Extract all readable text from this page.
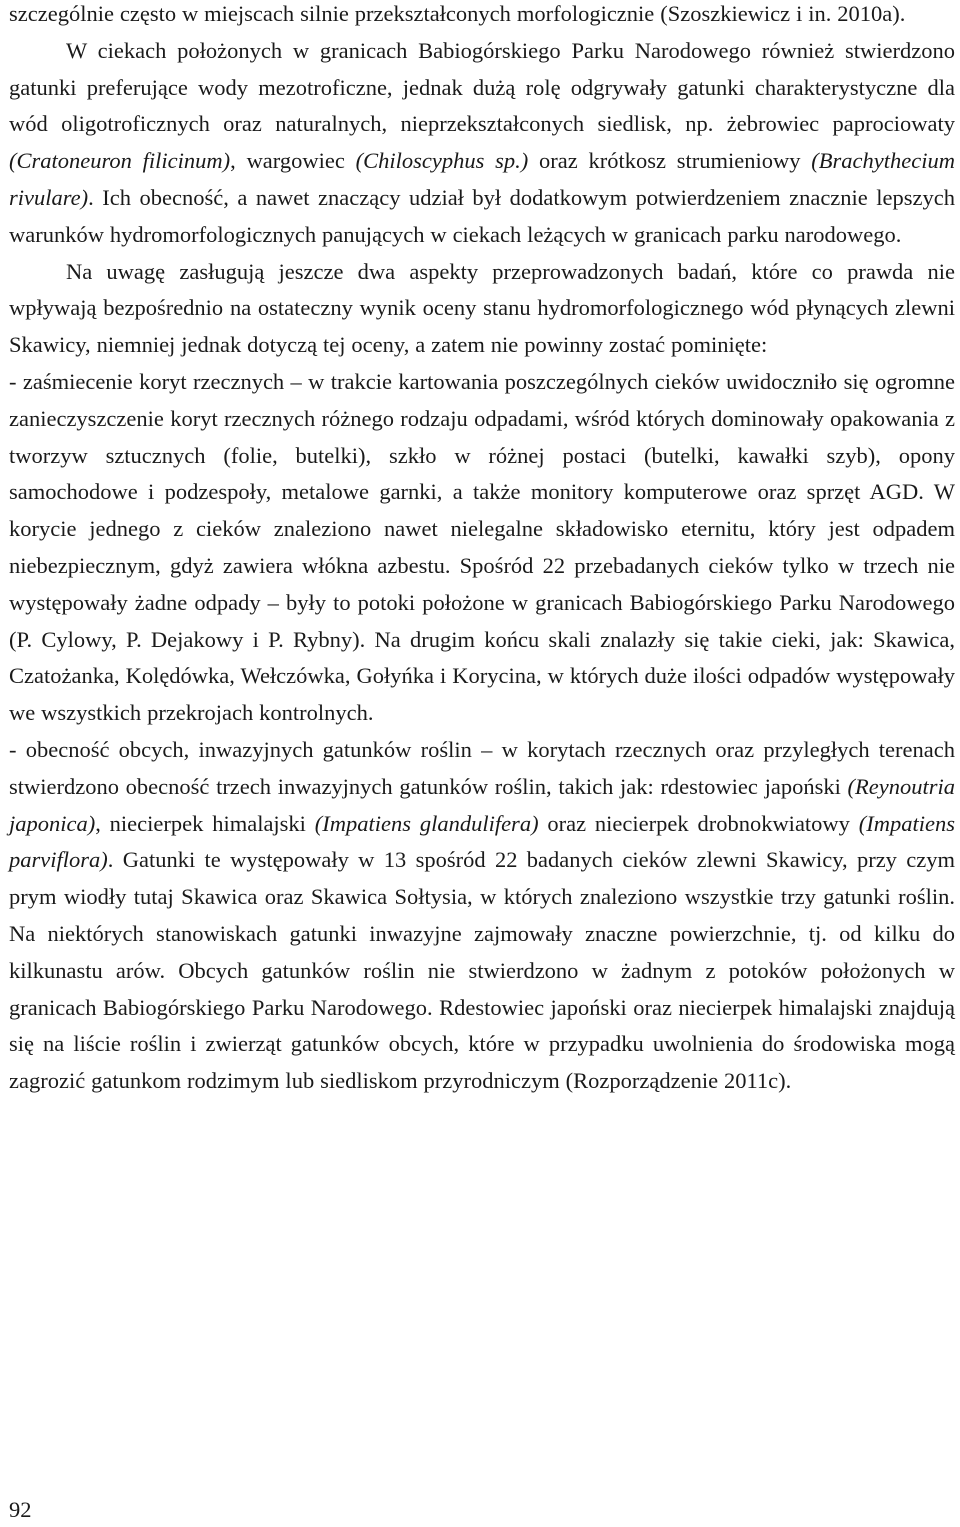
szczególnie często w miejscach silnie przekształconych morfologicznie (Szoszkiewicz i in. 2010a).

W ciekach położonych w granicach Babiogórskiego Parku Narodowego również stwierdzono gatunki preferujące wody mezotroficzne, jednak dużą rolę odgrywały gatunki charakterystyczne dla wód oligotroficznych oraz naturalnych, nieprzekształconych siedlisk, np. żebrowiec paprociowaty (Cratoneuron filicinum), wargowiec (Chiloscyphus sp.) oraz krótkosz strumieniowy (Brachythecium rivulare). Ich obecność, a nawet znaczący udział był dodatkowym potwierdzeniem znacznie lepszych warunków hydromorfologicznych panujących w ciekach leżących w granicach parku narodowego.

Na uwagę zasługują jeszcze dwa aspekty przeprowadzonych badań, które co prawda nie wpływają bezpośrednio na ostateczny wynik oceny stanu hydromorfologicznego wód płynących zlewni Skawicy, niemniej jednak dotyczą tej oceny, a zatem nie powinny zostać pominięte:

- zaśmiecenie koryt rzecznych – w trakcie kartowania poszczególnych cieków uwidoczniło się ogromne zanieczyszczenie koryt rzecznych różnego rodzaju odpadami, wśród których dominowały opakowania z tworzyw sztucznych (folie, butelki), szkło w różnej postaci (butelki, kawałki szyb), opony samochodowe i podzespoły, metalowe garnki, a także monitory komputerowe oraz sprzęt AGD. W korycie jednego z cieków znaleziono nawet nielegalne składowisko eternitu, który jest odpadem niebezpiecznym, gdyż zawiera włókna azbestu. Spośród 22 przebadanych cieków tylko w trzech nie występowały żadne odpady – były to potoki położone w granicach Babiogórskiego Parku Narodowego (P. Cylowy, P. Dejakowy i P. Rybny). Na drugim końcu skali znalazły się takie cieki, jak: Skawica, Czatożanka, Kolędówka, Wełczówka, Gołyńka i Korycina, w których duże ilości odpadów występowały we wszystkich przekrojach kontrolnych.

- obecność obcych, inwazyjnych gatunków roślin – w korytach rzecznych oraz przyległych terenach stwierdzono obecność trzech inwazyjnych gatunków roślin, takich jak: rdestowiec japoński (Reynoutria japonica), niecierpek himalajski (Impatiens glandulifera) oraz niecierpek drobnokwiatowy (Impatiens parviflora). Gatunki te występowały w 13 spośród 22 badanych cieków zlewni Skawicy, przy czym prym wiodły tutaj Skawica oraz Skawica Sołtysia, w których znaleziono wszystkie trzy gatunki roślin. Na niektórych stanowiskach gatunki inwazyjne zajmowały znaczne powierzchnie, tj. od kilku do kilkunastu arów. Obcych gatunków roślin nie stwierdzono w żadnym z potoków położonych w granicach Babiogórskiego Parku Narodowego. Rdestowiec japoński oraz niecierpek himalajski znajdują się na liście roślin i zwierząt gatunków obcych, które w przypadku uwolnienia do środowiska mogą zagrozić gatunkom rodzimym lub siedliskom przyrodniczym (Rozporządzenie 2011c).

92
